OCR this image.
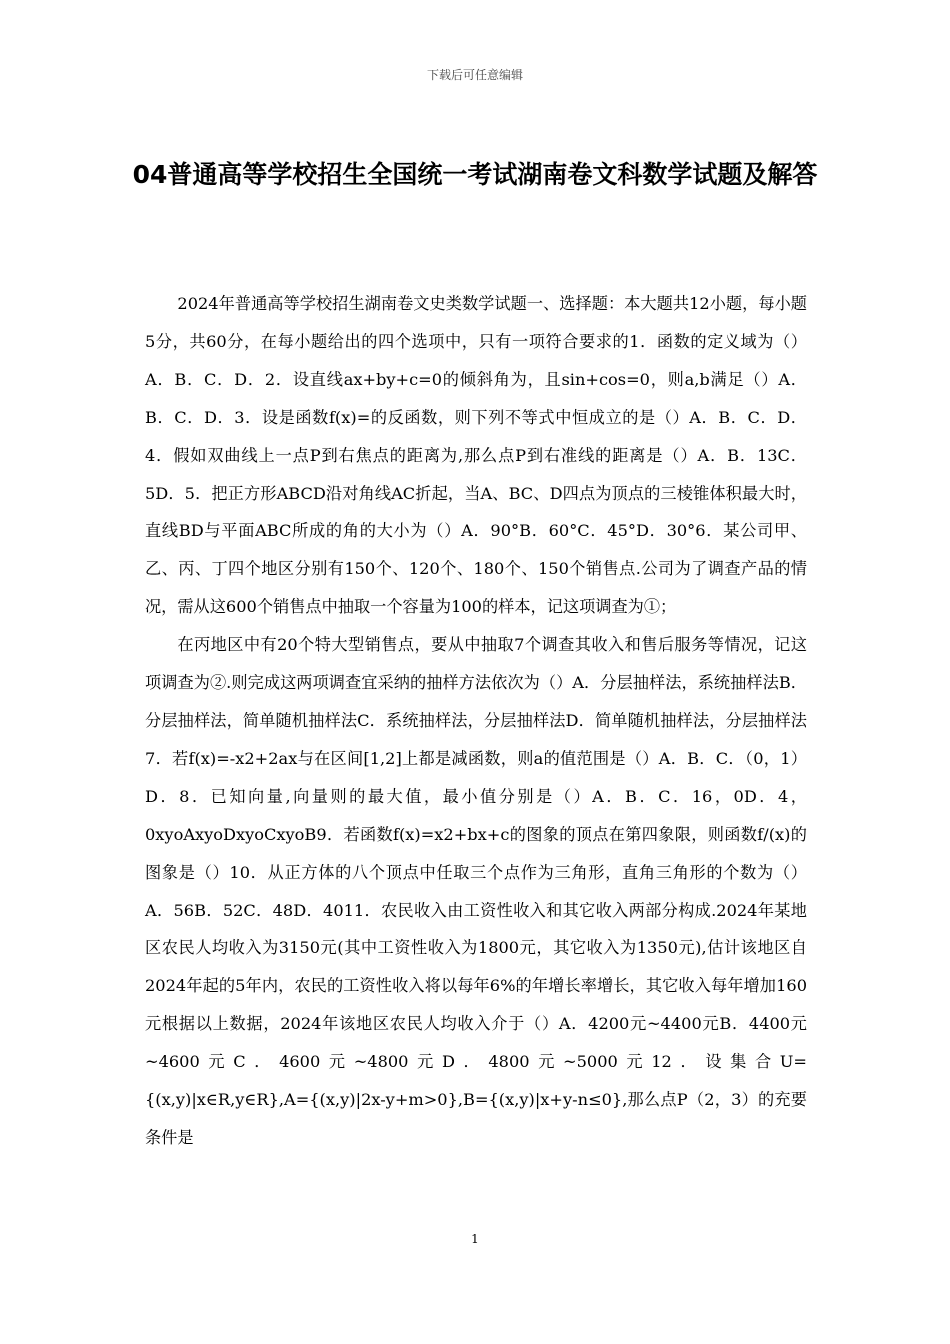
下载后可任意编辑
04普通高等学校招生全国统一考试湖南卷文科数学试题及解答

2024年普通高等学校招生湖南卷文史类数学试题一、选择题：本大题共12小题，每小题5分，共60分，在每小题给出的四个选项中，只有一项符合要求的1．函数的定义域为（）A．B．C．D．2．设直线ax+by+c=0的倾斜角为，且sin+cos=0，则a,b满足（）A．B．C．D．3．设是函数f(x)=的反函数，则下列不等式中恒成立的是（）A．B．C．D．4．假如双曲线上一点P到右焦点的距离为,那么点P到右准线的距离是（）A．B．13C．5D．5．把正方形ABCD沿对角线AC折起，当A、BC、D四点为顶点的三棱锥体积最大时，直线BD与平面ABC所成的角的大小为（）A．90°B．60°C．45°D．30°6．某公司甲、乙、丙、丁四个地区分别有150个、120个、180个、150个销售点.公司为了调查产品的情况，需从这600个销售点中抽取一个容量为100的样本，记这项调查为①；

在丙地区中有20个特大型销售点，要从中抽取7个调查其收入和售后服务等情况，记这项调查为②.则完成这两项调查宜采纳的抽样方法依次为（）A．分层抽样法，系统抽样法B．分层抽样法，简单随机抽样法C．系统抽样法，分层抽样法D．简单随机抽样法，分层抽样法7．若f(x)=-x2+2ax与在区间[1,2]上都是减函数，则a的值范围是（）A．B．C．（0，1）D．8．已知向量,向量则的最大值，最小值分别是（）A．B．C．16，0D．4，0xyoAxyoDxyoCxyoB9．若函数f(x)=x2+bx+c的图象的顶点在第四象限，则函数f/(x)的图象是（）10．从正方体的八个顶点中任取三个点作为三角形，直角三角形的个数为（）A．56B．52C．48D．4011．农民收入由工资性收入和其它收入两部分构成.2024年某地区农民人均收入为3150元(其中工资性收入为1800元，其它收入为1350元),估计该地区自2024年起的5年内，农民的工资性收入将以每年6%的年增长率增长，其它收入每年增加160元根据以上数据，2024年该地区农民人均收入介于（）A．4200元~4400元B．4400元~4600元C．4600元~4800元D．4800元~5000元12．设集合U={(x,y)|x∈R,y∈R},A={(x,y)|2x-y+m>0},B={(x,y)|x+y-n≤0},那么点P（2，3）的充要条件是

1
